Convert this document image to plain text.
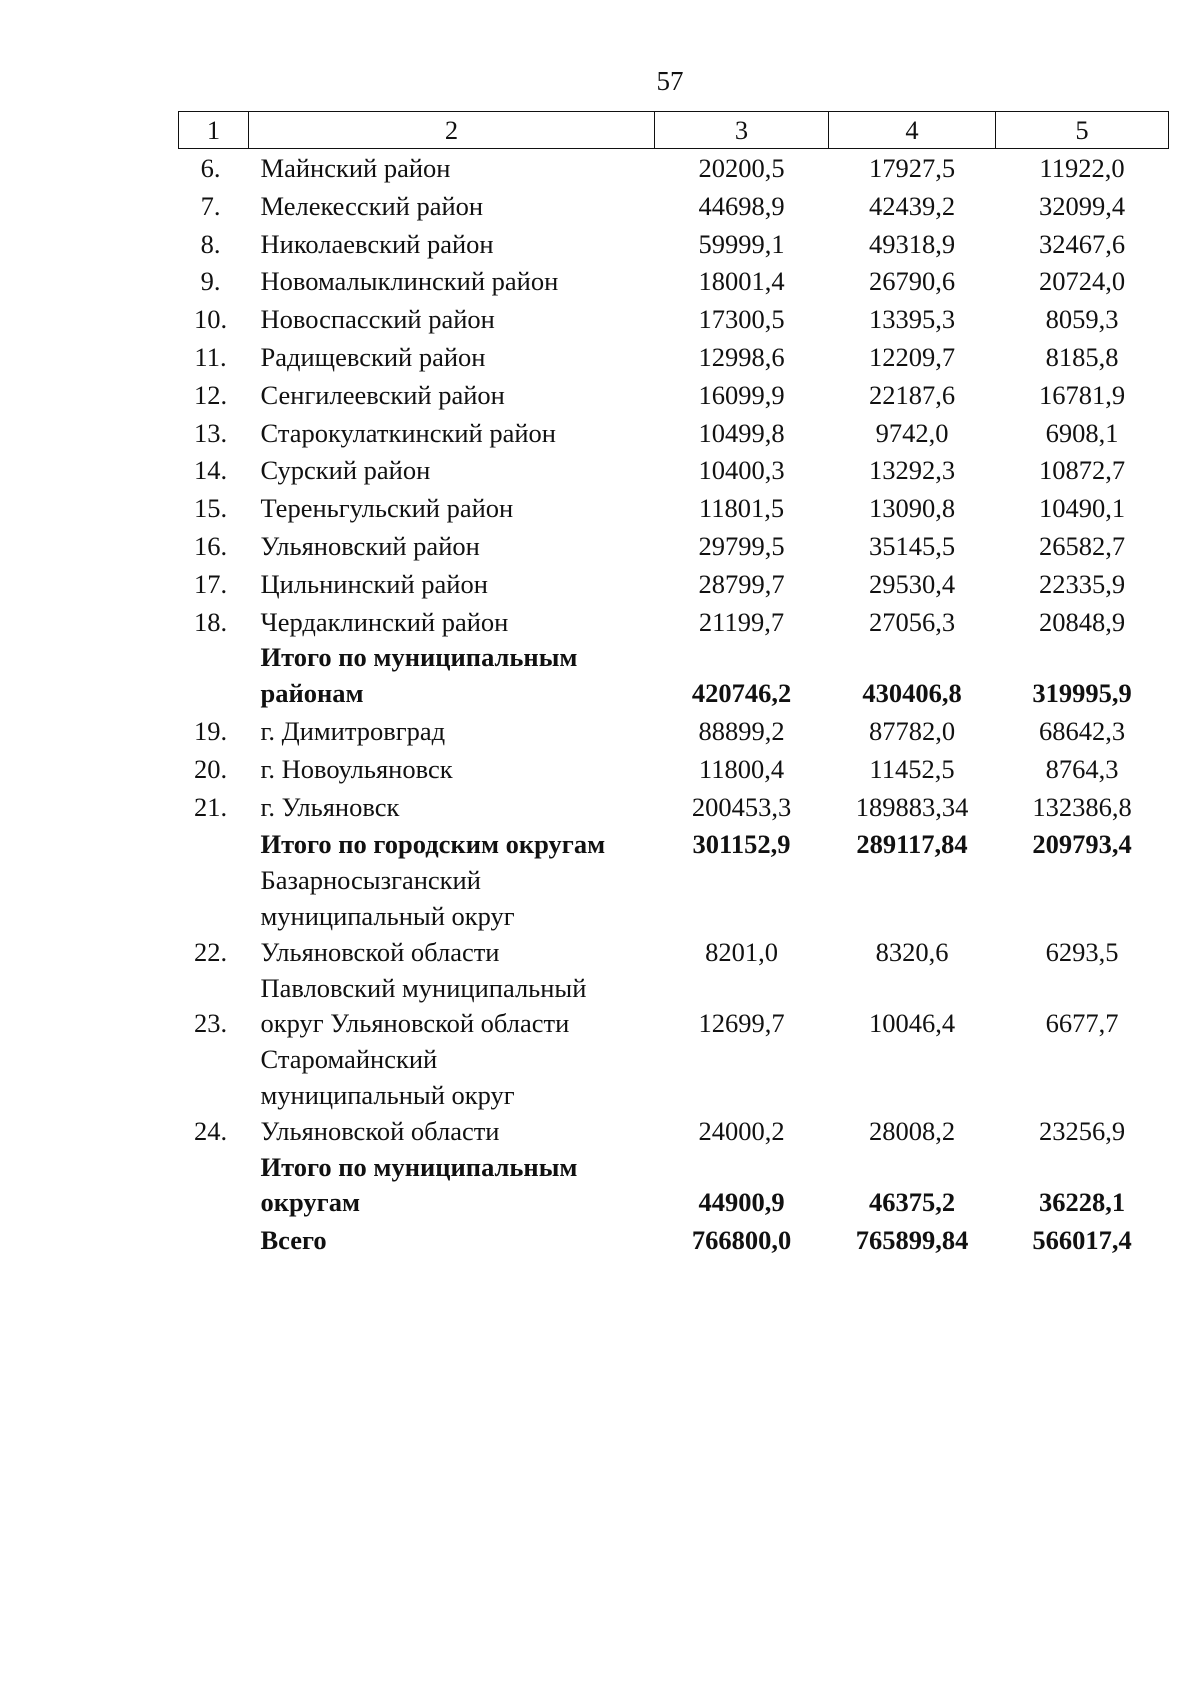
57
1	2	3	4	5
6.	Майнский район	20200,5	17927,5	11922,0
7.	Мелекесский район	44698,9	42439,2	32099,4
8.	Николаевский район	59999,1	49318,9	32467,6
9.	Новомалыклинский район	18001,4	26790,6	20724,0
10.	Новоспасский район	17300,5	13395,3	8059,3
11.	Радищевский район	12998,6	12209,7	8185,8
12.	Сенгилеевский район	16099,9	22187,6	16781,9
13.	Старокулаткинский район	10499,8	9742,0	6908,1
14.	Сурский район	10400,3	13292,3	10872,7
15.	Тереньгульский район	11801,5	13090,8	10490,1
16.	Ульяновский район	29799,5	35145,5	26582,7
17.	Цильнинский район	28799,7	29530,4	22335,9
18.	Чердаклинский район	21199,7	27056,3	20848,9
	Итого по муниципальным
районам	420746,2	430406,8	319995,9
19.	г. Димитровград	88899,2	87782,0	68642,3
20.	г. Новоульяновск	11800,4	11452,5	8764,3
21.	г. Ульяновск	200453,3	189883,34	132386,8
	Итого по городским округам	301152,9	289117,84	209793,4
22.	Базарносызганский
муниципальный округ
Ульяновской области	8201,0	8320,6	6293,5
23.	Павловский муниципальный
округ Ульяновской области	12699,7	10046,4	6677,7
24.	Старомайнский
муниципальный округ
Ульяновской области	24000,2	28008,2	23256,9
	Итого по муниципальным
округам	44900,9	46375,2	36228,1
	Всего	766800,0	765899,84	566017,4
